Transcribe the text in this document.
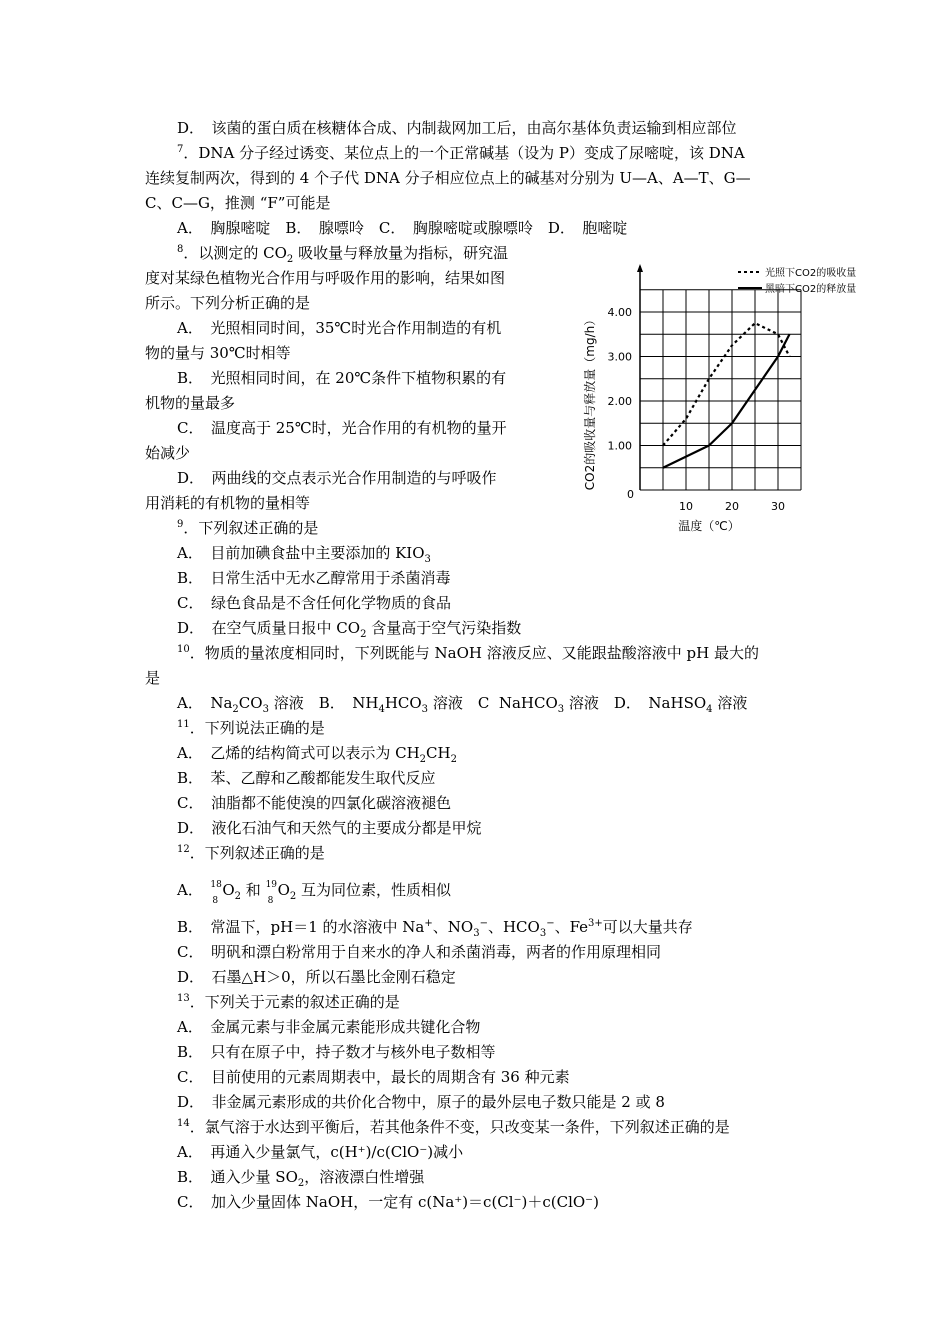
D．　该菌的蛋白质在核糖体合成、内制裁网加工后，由高尔基体负责运输到相应部位
$^7$．DNA 分子经过诱变、某位点上的一个正常碱基（设为 P）变成了尿嘧啶，该 DNA
连续复制两次，得到的 4 个子代 DNA 分子相应位点上的碱基对分别为 U—A、A—T、G—
C、C—G，推测 “F”可能是
A．　胸腺嘧啶　B．　腺嘌呤　C．　胸腺嘧啶或腺嘌呤　D．　胞嘧啶
$^8$．以测定的 $CO_2$ 吸收量与释放量为指标，研究温
度对某绿色植物光合作用与呼吸作用的影响，结果如图
所示。下列分析正确的是
A．　光照相同时间，35℃时光合作用制造的有机
物的量与 30℃时相等
B．　光照相同时间，在 20℃条件下植物积累的有
机物的量最多
C．　温度高于 25℃时，光合作用的有机物的量开
始减少
D．　两曲线的交点表示光合作用制造的与呼吸作
用消耗的有机物的量相等
1.00
2.00
3.00
4.00
10	20	30
0
温度（℃）
CO2的吸收量与释放量（mg/h）
光照下CO2的吸收量
黑暗下CO2的释放量
$^9$．下列叙述正确的是
A．　目前加碘食盐中主要添加的 $KIO_3$
B．　日常生活中无水乙醇常用于杀菌消毒
C．　绿色食品是不含任何化学物质的食品
D．　在空气质量日报中 $CO_2$ 含量高于空气污染指数
$^{10}$．物质的量浓度相同时，下列既能与 NaOH 溶液反应、又能跟盐酸溶液中 pH 最大的
是
A．　$Na_2CO_3$ 溶液　B．　$NH_4HCO_3$ 溶液　C  NaHCO$_3$ 溶液　D．　NaHSO$_4$ 溶液
$^{11}$．下列说法正确的是
A．　乙烯的结构简式可以表示为 $CH_2CH_2$
B．　苯、乙醇和乙酸都能发生取代反应
C．　油脂都不能使溴的四氯化碳溶液褪色
D．　液化石油气和天然气的主要成分都是甲烷
$^{12}$．下列叙述正确的是
A．　 18
8
$O_2$ 和 19
8
$O_2$ 互为同位素，性质相似
B．　常温下，pH＝1 的水溶液中 Na+、$NO_3^-$、$HCO_3^-$、$Fe^{3+}$可以大量共存
C．　明矾和漂白粉常用于自来水的净人和杀菌消毒，两者的作用原理相同
D．　石墨△H＞0，所以石墨比金刚石稳定
$^{13}$．下列关于元素的叙述正确的是
A．　金属元素与非金属元素能形成共键化合物
B．　只有在原子中，持子数才与核外电子数相等
C．　目前使用的元素周期表中，最长的周期含有 36 种元素
D．　非金属元素形成的共价化合物中，原子的最外层电子数只能是 2 或 8
$^{14}$．氯气溶于水达到平衡后，若其他条件不变，只改变某一条件，下列叙述正确的是
A．　再通入少量氯气，c(H⁺)/c(ClO⁻)减小
B．　通入少量 $SO_2$，溶液漂白性增强
C．　加入少量固体 NaOH，一定有 c(Na⁺)＝c(Cl⁻)＋c(ClO⁻)
